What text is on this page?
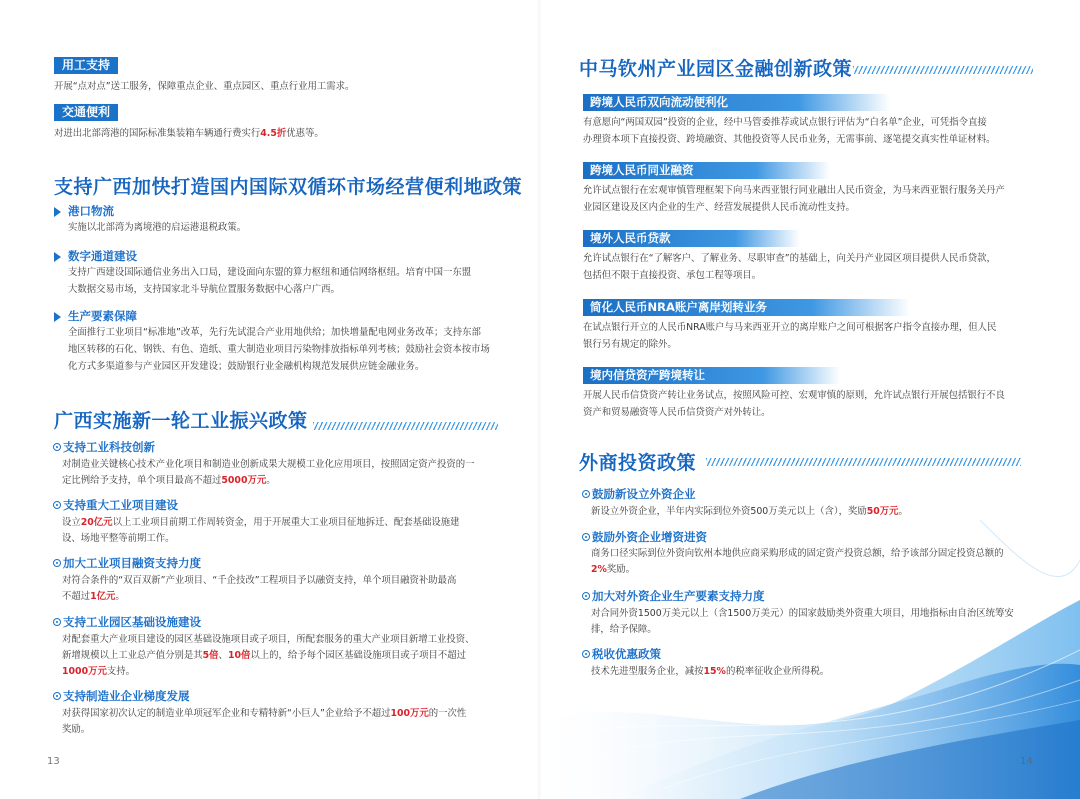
用工支持
开展“点对点”送工服务，保障重点企业、重点园区、重点行业用工需求。
交通便利
对进出北部湾港的国际标准集装箱车辆通行费实行4.5折优惠等。
支持广西加快打造国内国际双循环市场经营便利地政策
港口物流
实施以北部湾为离境港的启运港退税政策。
数字通道建设
支持广西建设国际通信业务出入口局，建设面向东盟的算力枢纽和通信网络枢纽。培育中国一东盟
大数据交易市场，支持国家北斗导航位置服务数据中心落户广西。
生产要素保障
全面推行工业项目“标准地”改革，先行先试混合产业用地供给；加快增量配电网业务改革；支持东部
地区转移的石化、钢铁、有色、造纸、重大制造业项目污染物排放指标单列考核；鼓励社会资本按市场
化方式多渠道参与产业园区开发建设；鼓励银行业金融机构规范发展供应链金融业务。
广西实施新一轮工业振兴政策
支持工业科技创新
对制造业关键核心技术产业化项目和制造业创新成果大规模工业化应用项目，按照固定资产投资的一
定比例给予支持，单个项目最高不超过5000万元。
支持重大工业项目建设
设立20亿元以上工业项目前期工作周转资金，用于开展重大工业项目征地拆迁、配套基础设施建
设、场地平整等前期工作。
加大工业项目融资支持力度
对符合条件的“双百双新”产业项目、“千企技改”工程项目予以融资支持，单个项目融资补助最高
不超过1亿元。
支持工业园区基础设施建设
对配套重大产业项目建设的园区基础设施项目或子项目，所配套服务的重大产业项目新增工业投资、
新增规模以上工业总产值分别是其5倍、10倍以上的，给予每个园区基础设施项目或子项目不超过
1000万元支持。
支持制造业企业梯度发展
对获得国家初次认定的制造业单项冠军企业和专精特新“小巨人”企业给予不超过100万元的一次性
奖励。
13
中马钦州产业园区金融创新政策
跨境人民币双向流动便利化
有意愿向“两国双园”投资的企业，经中马管委推荐或试点银行评估为“白名单”企业，可凭指令直接
办理资本项下直接投资、跨境融资、其他投资等人民币业务，无需事前、逐笔提交真实性单证材料。
跨境人民币同业融资
允许试点银行在宏观审慎管理框架下向马来西亚银行同业融出人民币资金，为马来西亚银行服务关丹产
业园区建设及区内企业的生产、经营发展提供人民币流动性支持。
境外人民币贷款
允许试点银行在“了解客户、了解业务、尽职审查”的基础上，向关丹产业园区项目提供人民币贷款，
包括但不限于直接投资、承包工程等项目。
简化人民币NRA账户离岸划转业务
在试点银行开立的人民币NRA账户与马来西亚开立的离岸账户之间可根据客户指令直接办理，但人民
银行另有规定的除外。
境内信贷资产跨境转让
开展人民币信贷资产转让业务试点，按照风险可控、宏观审慎的原则，允许试点银行开展包括银行不良
资产和贸易融资等人民币信贷资产对外转让。
外商投资政策
鼓励新设立外资企业
新设立外资企业，半年内实际到位外资500万美元以上（含），奖励50万元。
鼓励外资企业增资进资
商务口径实际到位外资向钦州本地供应商采购形成的固定资产投资总额，给予该部分固定投资总额的
2%奖励。
加大对外资企业生产要素支持力度
对合同外资1500万美元以上（含1500万美元）的国家鼓励类外资重大项目，用地指标由自治区统筹安
排，给予保障。
税收优惠政策
技术先进型服务企业，减按15%的税率征收企业所得税。
14
